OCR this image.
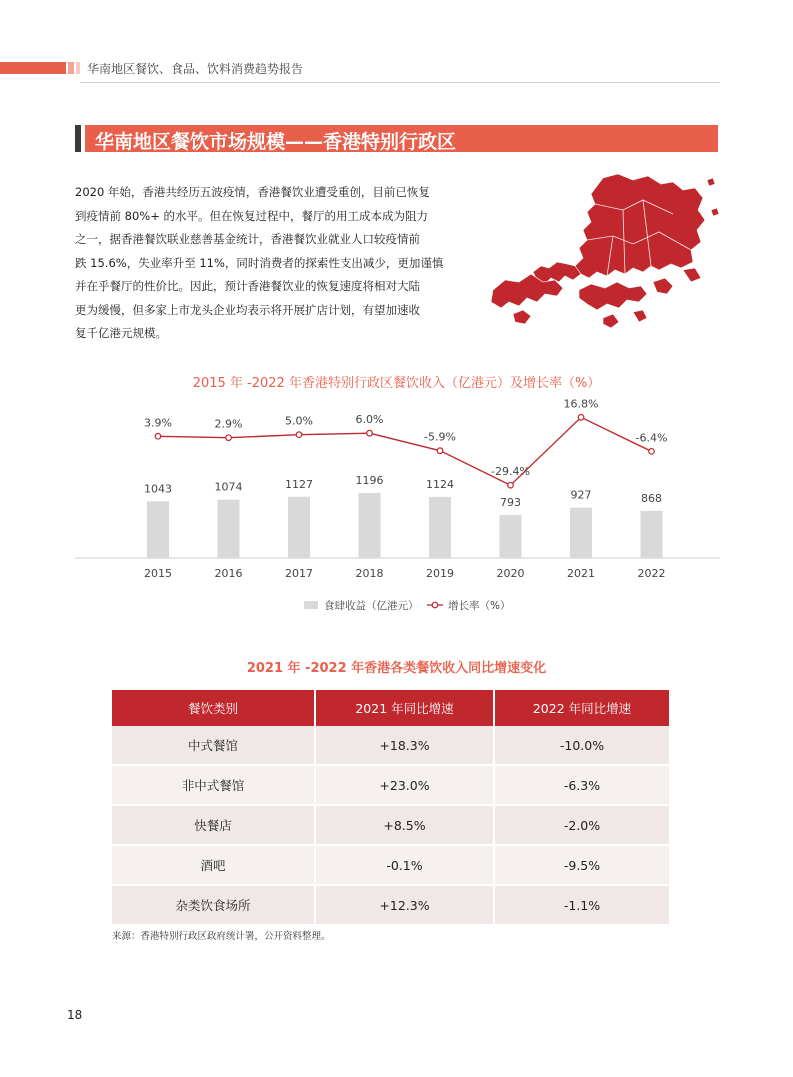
华南地区餐饮、食品、饮料消费趋势报告
华南地区餐饮市场规模——香港特别行政区
2020 年始，香港共经历五波疫情，香港餐饮业遭受重创，目前已恢复
到疫情前 80%+ 的水平。但在恢复过程中，餐厅的用工成本成为阻力
之一，据香港餐饮联业慈善基金统计，香港餐饮业就业人口较疫情前
跌 15.6%，失业率升至 11%，同时消费者的探索性支出减少，更加谨慎
并在乎餐厅的性价比。因此，预计香港餐饮业的恢复速度将相对大陆
更为缓慢，但多家上市龙头企业均表示将开展扩店计划，有望加速收
复千亿港元规模。
2015 年 -2022 年香港特别行政区餐饮收入（亿港元）及增长率（%）
1043
2015
1074
2016
1127
2017
1196
2018
1124
2019
793
2020
927
2021
868
2022
3.9%	2.9%	5.0%	6.0%
-5.9%
-29.4%
16.8%
-6.4%
食肆收益（亿港元）	增长率（%）
2021 年 -2022 年香港各类餐饮收入同比增速变化
餐饮类别	2021 年同比增速	2022 年同比增速
中式餐馆	+18.3%	-10.0%
非中式餐馆	+23.0%	-6.3%
快餐店	+8.5%	-2.0%
酒吧	-0.1%	-9.5%
杂类饮食场所	+12.3%	-1.1%
来源：香港特别行政区政府统计署，公开资料整理。
18
